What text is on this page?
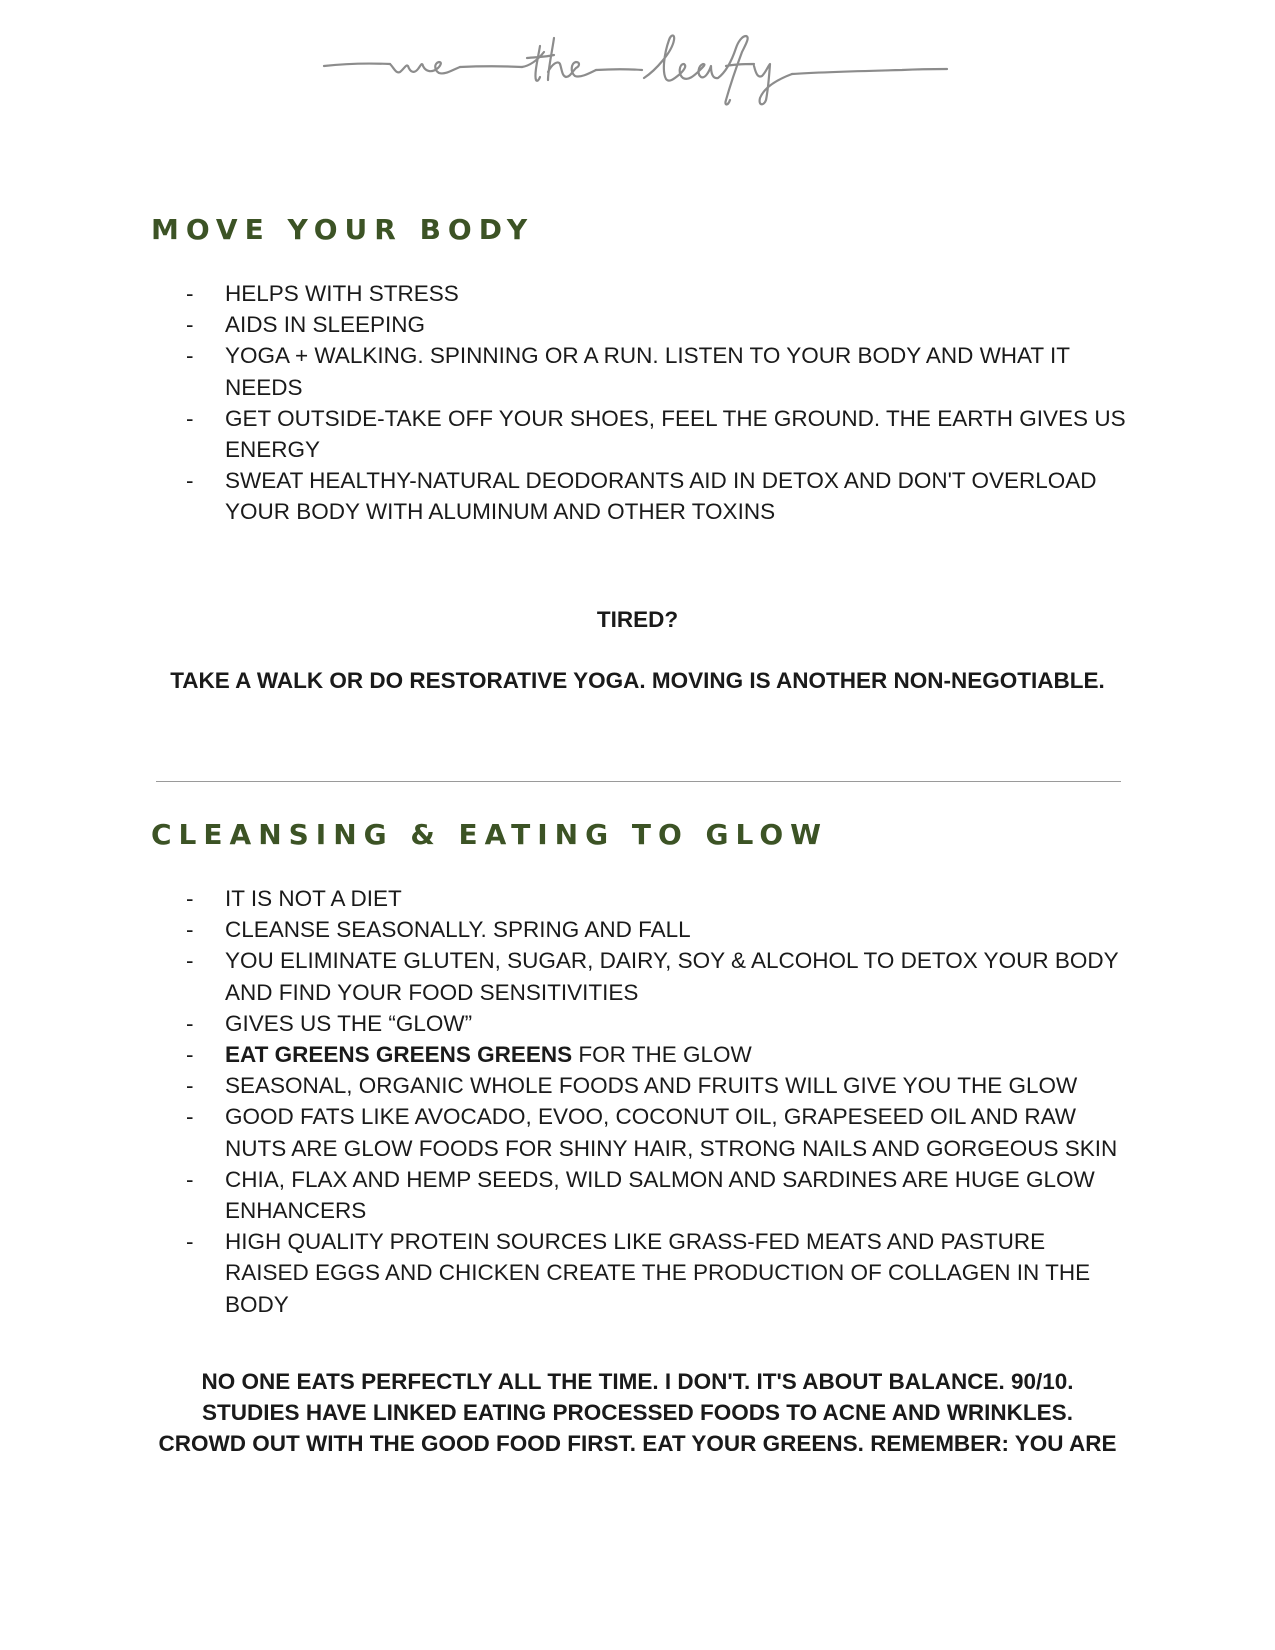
MOVE YOUR BODY
- HELPS WITH STRESS
- AIDS IN SLEEPING
- YOGA + WALKING. SPINNING OR A RUN. LISTEN TO YOUR BODY AND WHAT IT NEEDS
- GET OUTSIDE-TAKE OFF YOUR SHOES, FEEL THE GROUND. THE EARTH GIVES US ENERGY
- SWEAT HEALTHY-NATURAL DEODORANTS AID IN DETOX AND DON'T OVERLOAD YOUR BODY WITH ALUMINUM AND OTHER TOXINS

TIRED?

TAKE A WALK OR DO RESTORATIVE YOGA. MOVING IS ANOTHER NON-NEGOTIABLE.

CLEANSING & EATING TO GLOW
- IT IS NOT A DIET
- CLEANSE SEASONALLY. SPRING AND FALL
- YOU ELIMINATE GLUTEN, SUGAR, DAIRY, SOY & ALCOHOL TO DETOX YOUR BODY AND FIND YOUR FOOD SENSITIVITIES
- GIVES US THE “GLOW”
- EAT GREENS GREENS GREENS FOR THE GLOW
- SEASONAL, ORGANIC WHOLE FOODS AND FRUITS WILL GIVE YOU THE GLOW
- GOOD FATS LIKE AVOCADO, EVOO, COCONUT OIL, GRAPESEED OIL AND RAW NUTS ARE GLOW FOODS FOR SHINY HAIR, STRONG NAILS AND GORGEOUS SKIN
- CHIA, FLAX AND HEMP SEEDS, WILD SALMON AND SARDINES ARE HUGE GLOW ENHANCERS
- HIGH QUALITY PROTEIN SOURCES LIKE GRASS-FED MEATS AND PASTURE RAISED EGGS AND CHICKEN CREATE THE PRODUCTION OF COLLAGEN IN THE BODY
NO ONE EATS PERFECTLY ALL THE TIME. I DON'T. IT'S ABOUT BALANCE. 90/10.
STUDIES HAVE LINKED EATING PROCESSED FOODS TO ACNE AND WRINKLES.
CROWD OUT WITH THE GOOD FOOD FIRST. EAT YOUR GREENS. REMEMBER: YOU ARE
